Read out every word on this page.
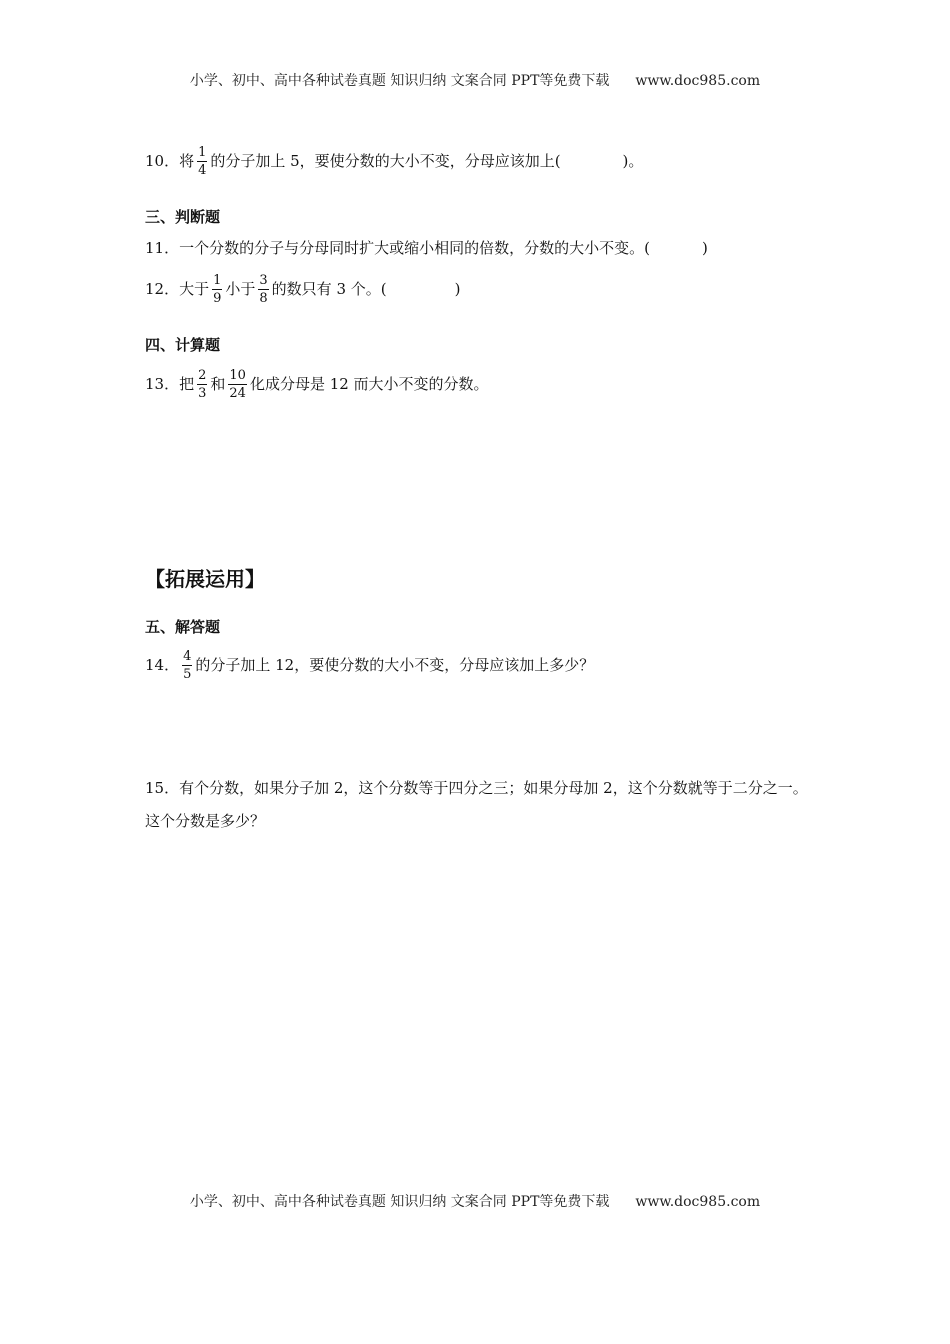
小学、初中、高中各种试卷真题 知识归纳 文案合同 PPT等免费下载 www.doc985.com
10．将 $\frac{1}{4}$ 的分子加上 5，要使分数的大小不变，分母应该加上(	)。
三、判断题
11．一个分数的分子与分母同时扩大或缩小相同的倍数，分数的大小不变。(	)
12．大于 $\frac{1}{9}$ 小于 $\frac{3}{8}$ 的数只有 3 个。(	)
四、计算题
13．把 $\frac{2}{3}$ 和 $\frac{10}{24}$ 化成分母是 12 而大小不变的分数。
【拓展运用】
五、解答题
14． $\frac{4}{5}$ 的分子加上 12，要使分数的大小不变，分母应该加上多少？
15．有个分数，如果分子加 2，这个分数等于四分之三；如果分母加 2，这个分数就等于二分之一。这个分数是多少？
小学、初中、高中各种试卷真题 知识归纳 文案合同 PPT等免费下载 www.doc985.com
